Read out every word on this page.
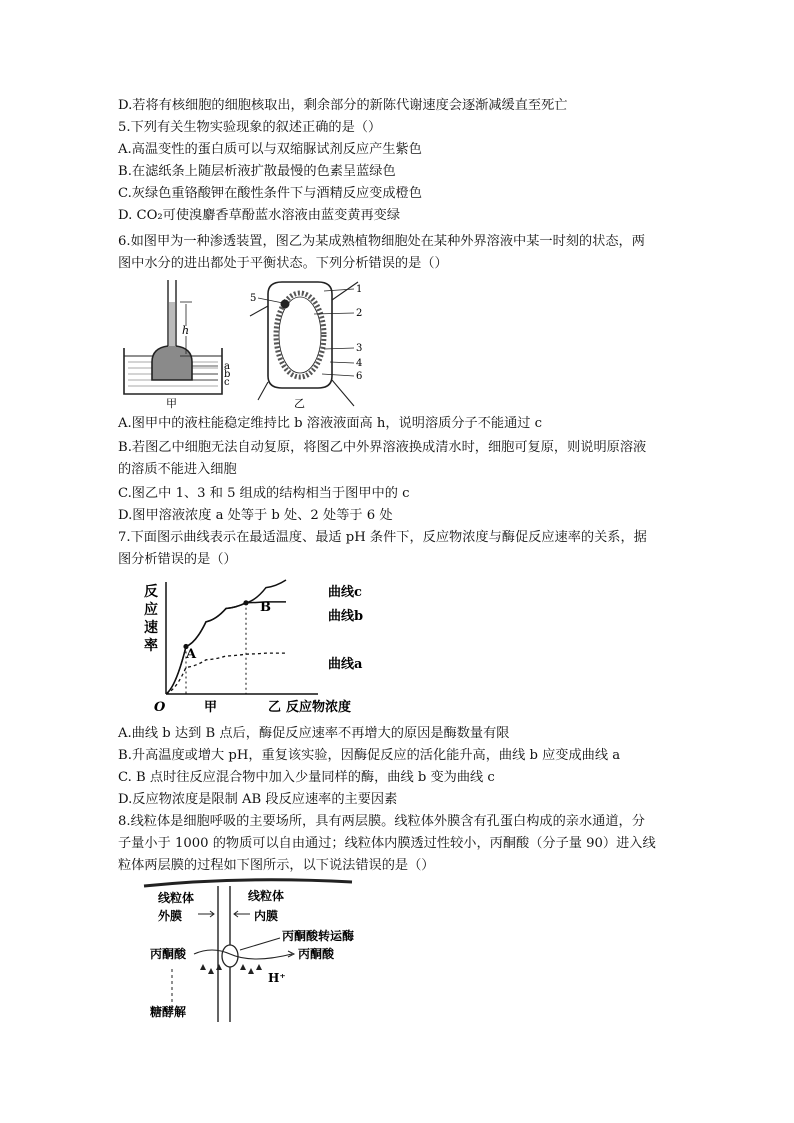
D.若将有核细胞的细胞核取出，剩余部分的新陈代谢速度会逐渐减缓直至死亡
5.下列有关生物实验现象的叙述正确的是（）
A.高温变性的蛋白质可以与双缩脲试剂反应产生紫色
B.在滤纸条上随层析液扩散最慢的色素呈蓝绿色
C.灰绿色重铬酸钾在酸性条件下与酒精反应变成橙色
D. CO₂可使溴麝香草酚蓝水溶液由蓝变黄再变绿
6.如图甲为一种渗透装置，图乙为某成熟植物细胞处在某种外界溶液中某一时刻的状态，两
图中水分的进出都处于平衡状态。下列分析错误的是（）
A.图甲中的液柱能稳定维持比 b 溶液液面高 h，说明溶质分子不能通过 c
B.若图乙中细胞无法自动复原，将图乙中外界溶液换成清水时，细胞可复原，则说明原溶液
的溶质不能进入细胞
C.图乙中 1、3 和 5 组成的结构相当于图甲中的 c
D.图甲溶液浓度 a 处等于 b 处、2 处等于 6 处
7.下面图示曲线表示在最适温度、最适 pH 条件下，反应物浓度与酶促反应速率的关系，据
图分析错误的是（）
A.曲线 b 达到 B 点后，酶促反应速率不再增大的原因是酶数量有限
B.升高温度或增大 pH，重复该实验，因酶促反应的活化能升高，曲线 b 应变成曲线 a
C. B 点时往反应混合物中加入少量同样的酶，曲线 b 变为曲线 c
D.反应物浓度是限制 AB 段反应速率的主要因素
8.线粒体是细胞呼吸的主要场所，具有两层膜。线粒体外膜含有孔蛋白构成的亲水通道，分
子量小于 1000 的物质可以自由通过；线粒体内膜透过性较小，丙酮酸（分子量 90）进入线
粒体两层膜的过程如下图所示，以下说法错误的是（）
h
a
b
c
甲
5
1
2
3
4
6
乙
反
应
速
率
O	甲	乙 反应物浓度
A
B
曲线c
曲线b
曲线a
线粒体
外膜
线粒体
内膜
丙酮酸转运酶
丙酮酸	丙酮酸
H⁺
糖酵解
